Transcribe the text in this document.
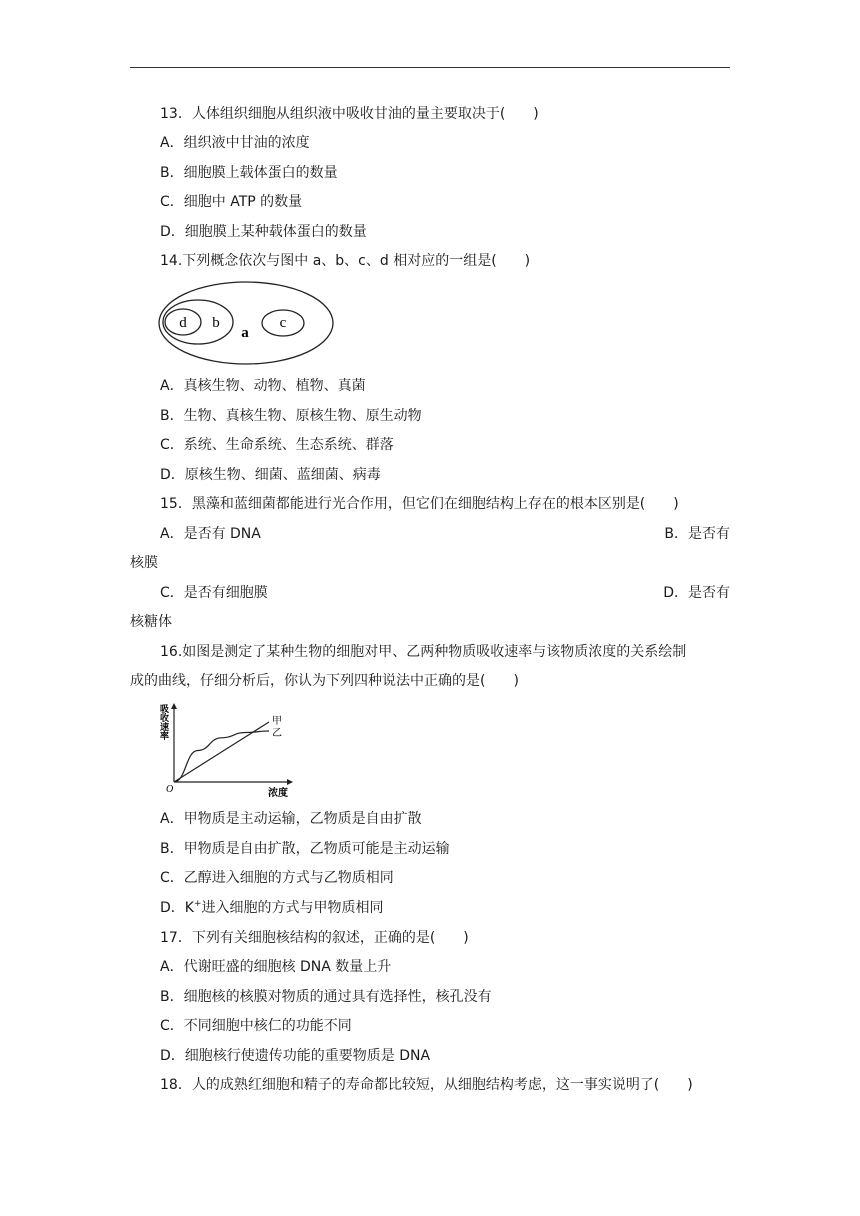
13．人体组织细胞从组织液中吸收甘油的量主要取决于(　　)
A．组织液中甘油的浓度
B．细胞膜上载体蛋白的数量
C．细胞中 ATP 的数量
D．细胞膜上某种载体蛋白的数量
14.下列概念依次与图中 a、b、c、d 相对应的一组是(　　)
d b
a
c
A．真核生物、动物、植物、真菌
B．生物、真核生物、原核生物、原生动物
C．系统、生命系统、生态系统、群落
D．原核生物、细菌、蓝细菌、病毒
15．黑藻和蓝细菌都能进行光合作用，但它们在细胞结构上存在的根本区别是(　　)
A．是否有 DNA	B．是否有
核膜
C．是否有细胞膜	D．是否有
核糖体
16.如图是测定了某种生物的细胞对甲、乙两种物质吸收速率与该物质浓度的关系绘制
成的曲线，仔细分析后，你认为下列四种说法中正确的是(　　)
吸收速率
浓度
O
甲
乙
A．甲物质是主动运输，乙物质是自由扩散
B．甲物质是自由扩散，乙物质可能是主动运输
C．乙醇进入细胞的方式与乙物质相同
D．K+进入细胞的方式与甲物质相同
17．下列有关细胞核结构的叙述，正确的是(　　)
A．代谢旺盛的细胞核 DNA 数量上升
B．细胞核的核膜对物质的通过具有选择性，核孔没有
C．不同细胞中核仁的功能不同
D．细胞核行使遗传功能的重要物质是 DNA
18．人的成熟红细胞和精子的寿命都比较短，从细胞结构考虑，这一事实说明了(　　)
